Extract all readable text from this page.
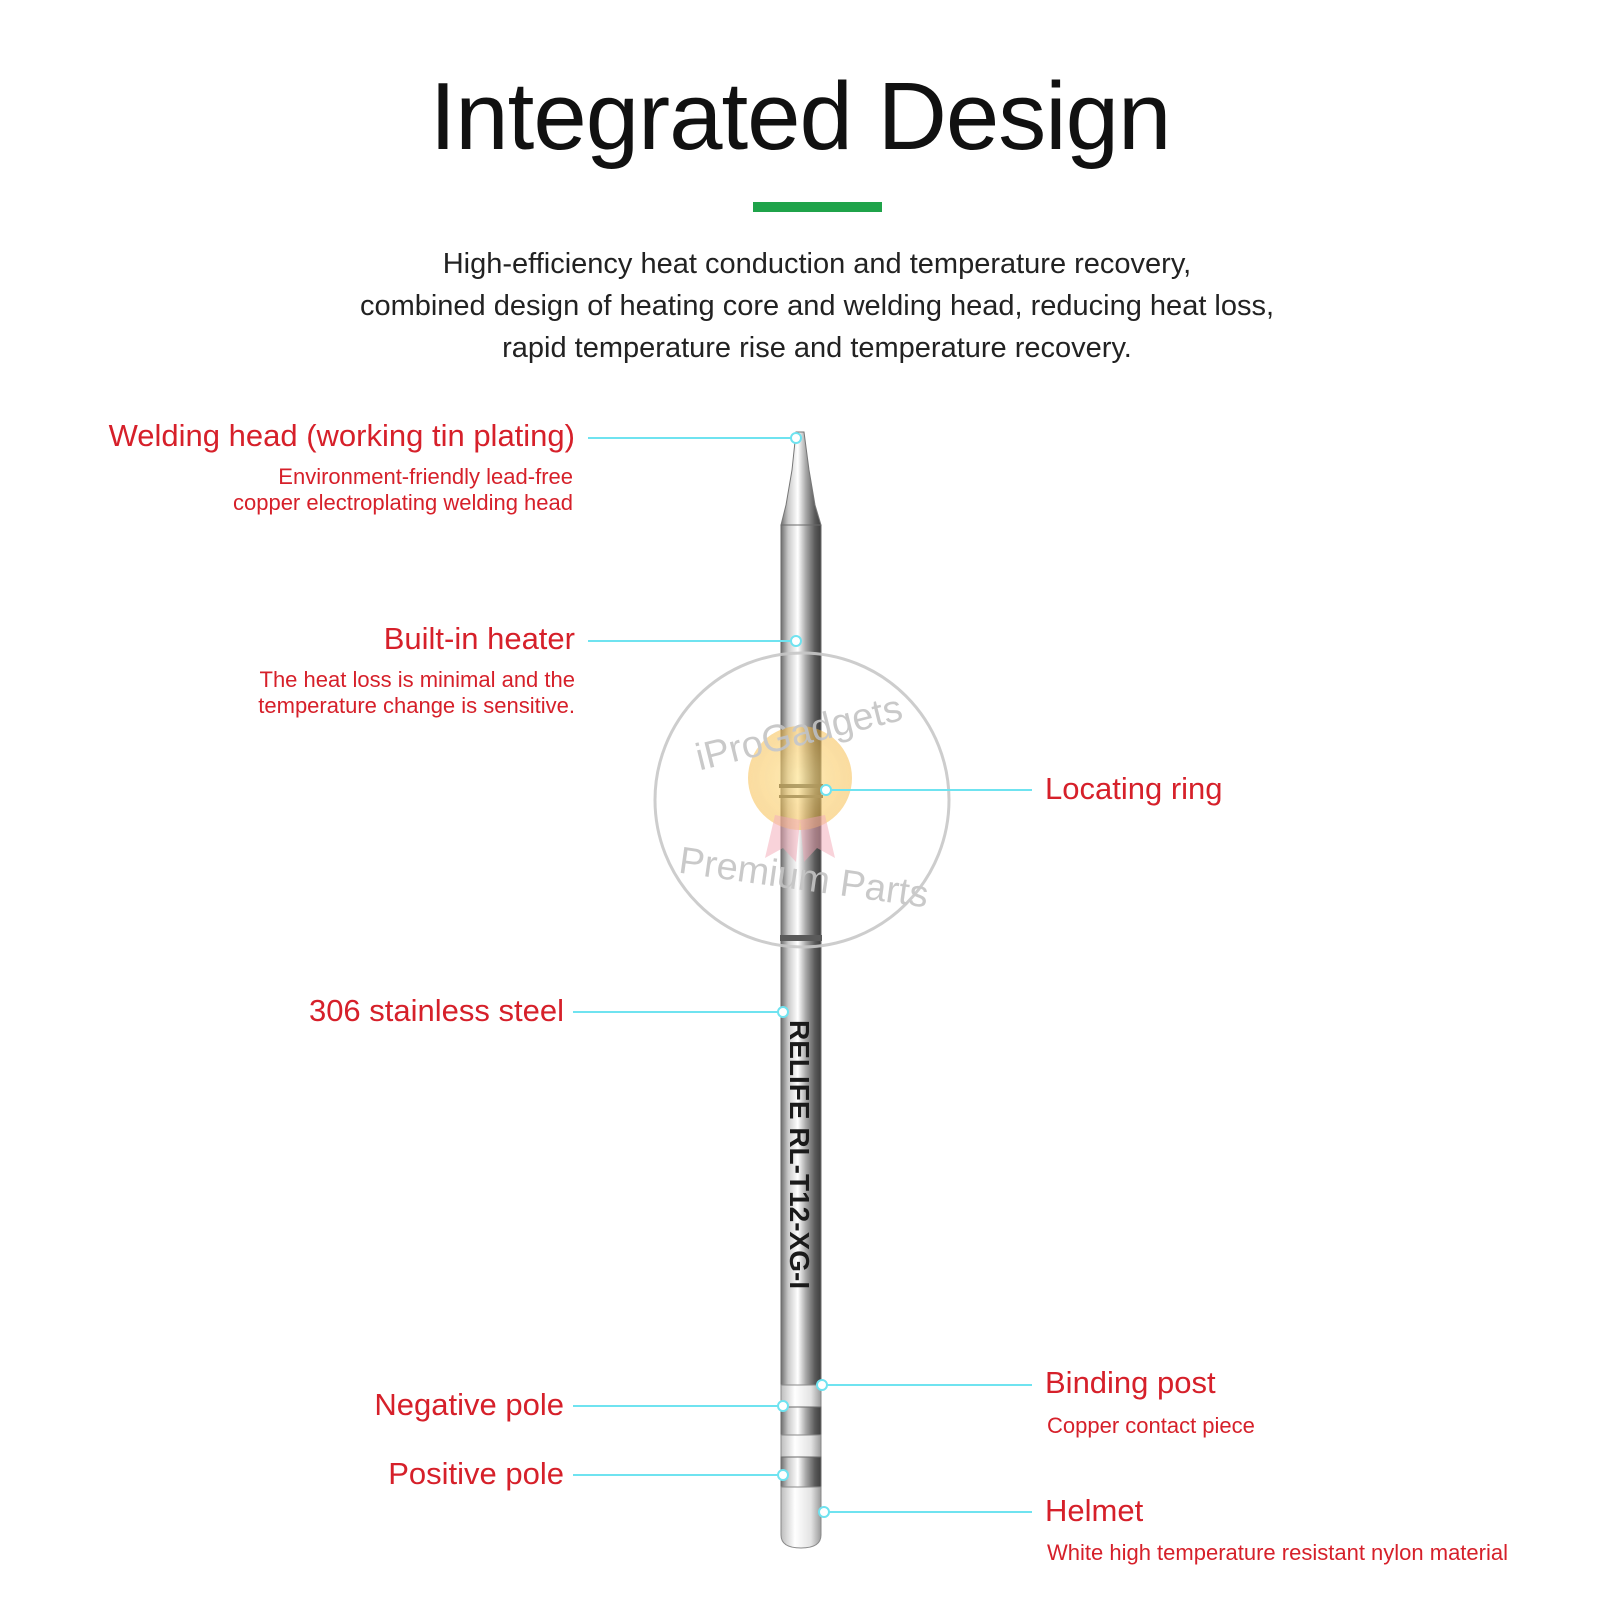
Integrated Design
High-efficiency heat conduction and temperature recovery,
combined design of heating core and welding head, reducing heat loss,
rapid temperature rise and temperature recovery.
RELIFE RL-T12-XG-I
iProGadgets
Premium Parts
Welding head (working tin plating)
Environment-friendly lead-free
copper electroplating welding head
Built-in heater
The heat loss is minimal and the
temperature change is sensitive.
Locating ring
306 stainless steel
Binding post
Copper contact piece
Negative pole
Positive pole
Helmet
White high temperature resistant nylon material
